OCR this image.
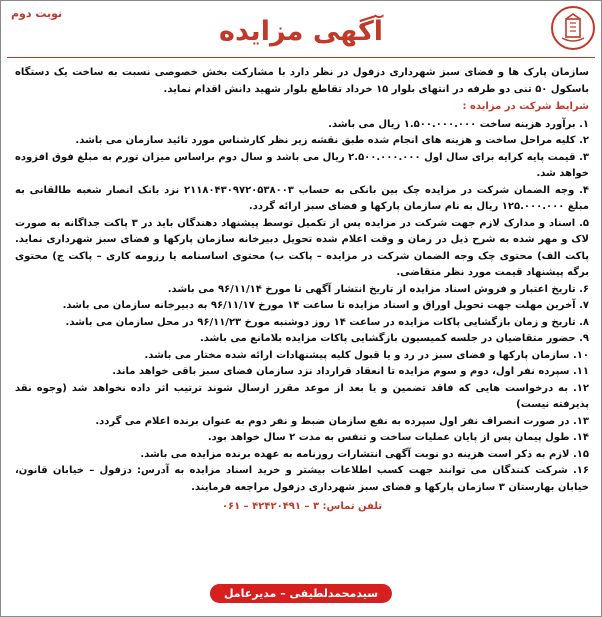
نوبت دوم
آگهی مزایده
سازمان پارک ها و فضای سبز شهرداری دزفول در نظر دارد با مشارکت بخش خصوصی نسبت به ساخت یک دستگاه باسکول ۵۰ تنی دو طرفه در انتهای بلوار ۱۵ خرداد تقاطع بلوار شهید دانش اقدام نماید.
شرایط شرکت در مزایده :
۱. برآورد هزینه ساخت ۱.۵۰۰.۰۰۰.۰۰۰ ریال می باشد.
۲. کلیه مراحل ساخت و هزینه های انجام شده طبق نقشه زیر نظر کارشناس مورد تائید سازمان می باشد.
۳. قیمت پایه کرایه برای سال اول ۲.۵۰۰.۰۰۰.۰۰۰ ریال می باشد و سال دوم براساس میزان تورم به مبلغ فوق افزوده خواهد شد.
۴. وجه الضمان شرکت در مزایده چک بین بانکی به حساب ۲۱۱۸۰۴۳۰۹۷۲۰۵۳۸۰۰۳ نزد بانک انصار شعبه طالقانی به مبلغ ۱۲۵.۰۰۰.۰۰۰ ریال به نام سازمان پارکها و فضای سبز ارائه گردد.
۵. اسناد و مدارک لازم جهت شرکت در مزایده پس از تکمیل توسط پیشنهاد دهندگان باید در ۳ پاکت جداگانه به صورت لاک و مهر شده به شرح ذیل در زمان و وقت اعلام شده تحویل دبیرخانه سازمان پارکها و فضای سبز شهرداری نماید. پاکت الف) محتوی چک وجه الضمان شرکت در مزایده – پاکت ب) محتوی اساسنامه یا رزومه کاری – پاکت ج) محتوی برگه پیشنهاد قیمت مورد نظر متقاضی.
۶. تاریخ اعتبار و فروش اسناد مزایده از تاریخ انتشار آگهی تا مورخ ۹۶/۱۱/۱۴ می باشد.
۷. آخرین مهلت جهت تحویل اوراق و اسناد مزایده تا ساعت ۱۴ مورخ ۹۶/۱۱/۱۷ به دبیرخانه سازمان می باشد.
۸. تاریخ و زمان بازگشایی پاکات مزایده در ساعت ۱۴ روز دوشنبه مورخ ۹۶/۱۱/۲۳ در محل سازمان می باشد.
۹. حضور متقاضیان در جلسه کمیسیون بازگشایی پاکات مزایده بلامانع می باشد.
۱۰. سازمان پارکها و فضای سبز در رد و یا قبول کلیه پیشنهادات ارائه شده مختار می باشد.
۱۱. سپرده نفر اول، دوم و سوم مزایده تا انعقاد قرارداد نزد سازمان فضای سبز باقی خواهد ماند.
۱۲. به درخواست هایی که فاقد تضمین و یا بعد از موعد مقرر ارسال شوند ترتیب اثر داده نخواهد شد (وجوه نقد پذیرفته نیست)
۱۳. در صورت انصراف نفر اول سپرده به نفع سازمان ضبط و نفر دوم به عنوان برنده اعلام می گردد.
۱۴. طول پیمان پس از پایان عملیات ساخت و تنفس به مدت ۲ سال خواهد بود.
۱۵. لازم به ذکر است هزینه دو نوبت آگهی انتشارات روزنامه به عهده برنده مزایده می باشد.
۱۶. شرکت کنندگان می توانند جهت کسب اطلاعات بیشتر و خرید اسناد مزایده به آدرس: دزفول – خیابان قانون، خیابان بهارستان ۳ سازمان پارکها و فضای سبز شهرداری دزفول مراجعه فرمایند.
تلفن تماس: ۳ – ۴۲۴۲۰۴۹۱ – ۰۶۱
سیدمحمدلطیفی – مدیرعامل
